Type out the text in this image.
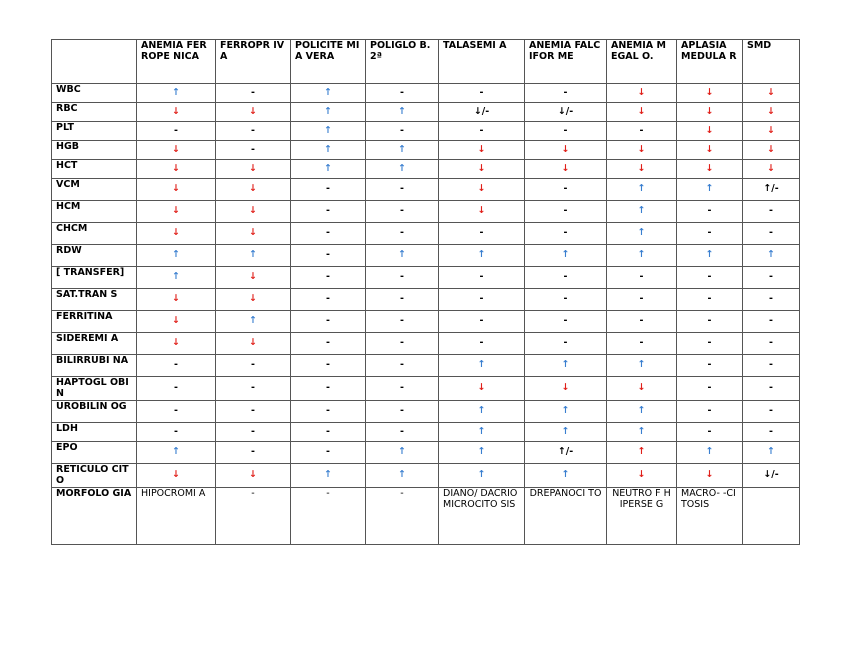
	ANEMIA FERROPE NICA	FERROPR IVA	POLICITE MIA VERA	POLIGLO B.2ª	TALASEMI A	ANEMIA FALCIFOR ME	ANEMIA MEGAL O.	APLASIA MEDULA R	SMD
WBC	↑	-	↑	-	-	-	↓	↓	↓
RBC	↓	↓	↑	↑	↓/-	↓/-	↓	↓	↓
PLT	-	-	↑	-	-	-	-	↓	↓
HGB	↓	-	↑	↑	↓	↓	↓	↓	↓
HCT	↓	↓	↑	↑	↓	↓	↓	↓	↓
VCM	↓	↓	-	-	↓	-	↑	↑	↑/-
HCM	↓	↓	-	-	↓	-	↑	-	-
CHCM	↓	↓	-	-	-	-	↑	-	-
RDW	↑	↑	-	↑	↑	↑	↑	↑	↑
[ TRANSFER]	↑	↓	-	-	-	-	-	-	-
SAT.TRAN S	↓	↓	-	-	-	-	-	-	-
FERRITINA	↓	↑	-	-	-	-	-	-	-
SIDEREMI A	↓	↓	-	-	-	-	-	-	-
BILIRRUBI NA	-	-	-	-	↑	↑	↑	-	-
HAPTOGL OBIN	-	-	-	-	↓	↓	↓	-	-
UROBILIN OG	-	-	-	-	↑	↑	↑	-	-
LDH	-	-	-	-	↑	↑	↑	-	-
EPO	↑	-	-	↑	↑	↑/-	↑	↑	↑
RETICULO CITO	↓	↓	↑	↑	↑	↑	↓	↓	↓/-
MORFOLO GIA	HIPOCROMI A	-	-	-	DIANO/ DACRIO MICROCITO SIS	DREPANOCI TO	NEUTRO F HIPERSE G	MACRO- -CITOSIS	
